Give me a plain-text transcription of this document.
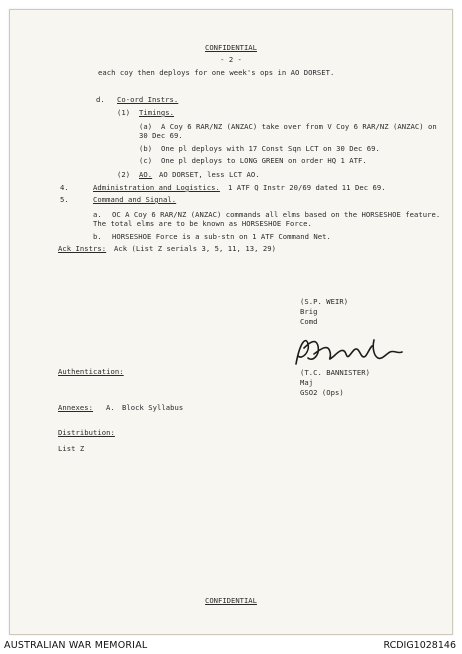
CONFIDENTIAL
- 2 -
each coy then deploys for one week's ops in AO DORSET.
d. Co-ord Instrs.
(1) Timings.
(a) A Coy 6 RAR/NZ (ANZAC) take over from V Coy 6 RAR/NZ (ANZAC) on
30 Dec 69.
(b) One pl deploys with 17 Const Sqn LCT on 30 Dec 69.
(c) One pl deploys to LONG GREEN on order HQ 1 ATF.
(2) AO. AO DORSET, less LCT AO.
4.	Administration and Logistics. 1 ATF Q Instr 20/69 dated 11 Dec 69.
5.	Command and Signal.
a. OC A Coy 6 RAR/NZ (ANZAC) commands all elms based on the HORSESHOE feature.
The total elms are to be known as HORSESHOE Force.
b. HORSESHOE Force is a sub-stn on 1 ATF Command Net.
Ack Instrs: Ack (List Z serials 3, 5, 11, 13, 29)
(S.P. WEIR)
Brig
Comd
Authentication:	(T.C. BANNISTER)
Maj
GSO2 (Ops)
Annexes: A. Block Syllabus
Distribution:
List Z
CONFIDENTIAL
AUSTRALIAN WAR MEMORIAL	RCDIG1028146
